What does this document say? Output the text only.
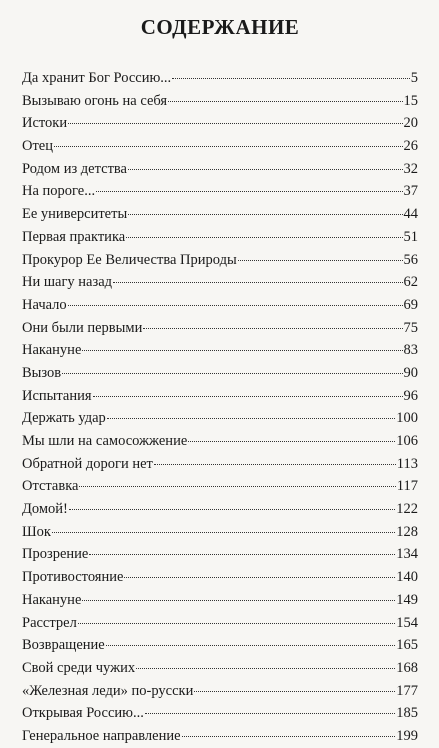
СОДЕРЖАНИЕ
Да хранит Бог Россию...	5
Вызываю огонь на себя	15
Истоки	20
Отец	26
Родом из детства	32
На пороге...	37
Ее университеты	44
Первая практика	51
Прокурор Ее Величества Природы	56
Ни шагу назад	62
Начало	69
Они были первыми	75
Накануне	83
Вызов	90
Испытания	96
Держать удар	100
Мы шли на самосожжение	106
Обратной дороги нет	113
Отставка	117
Домой!	122
Шок	128
Прозрение	134
Противостояние	140
Накануне	149
Расстрел	154
Возвращение	165
Свой среди чужих	168
«Железная леди» по-русски	177
Открывая Россию...	185
Генеральное направление	199
